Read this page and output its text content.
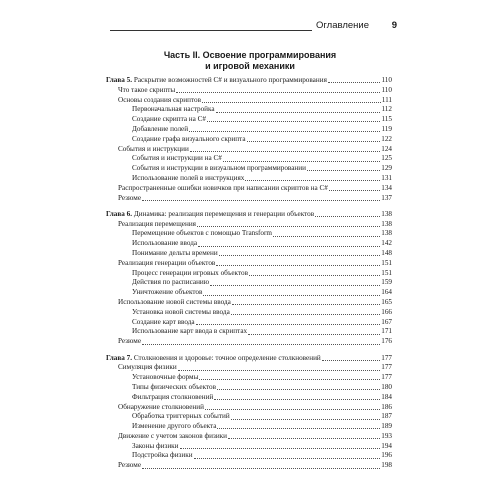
Оглавление 9
Часть II. Освоение программирования
и игровой механики
Глава 5. Раскрытие возможностей C# и визуального программирования	110
Что такое скрипты	110
Основы создания скриптов	111
Первоначальная настройка	112
Создание скрипта на C#	115
Добавление полей	119
Создание графа визуального скрипта	122
События и инструкции	124
События и инструкции на C#	125
События и инструкции в визуальном программировании	129
Использование полей в инструкциях	131
Распространенные ошибки новичков при написании скриптов на C#	134
Резюме	137
Глава 6. Динамика: реализация перемещения и генерации объектов	138
Реализация перемещения	138
Перемещение объектов с помощью Transform	138
Использование ввода	142
Понимание дельты времени	148
Реализация генерации объектов	151
Процесс генерации игровых объектов	151
Действия по расписанию	159
Уничтожение объектов	164
Использование новой системы ввода	165
Установка новой системы ввода	166
Создание карт ввода	167
Использование карт ввода в скриптах	171
Резюме	176
Глава 7. Столкновения и здоровье: точное определение столкновений	177
Симуляция физики	177
Установочные формы	177
Типы физических объектов	180
Фильтрация столкновений	184
Обнаружение столкновений	186
Обработка триггерных событий	187
Изменение другого объекта	189
Движение с учетом законов физики	193
Законы физики	194
Подстройка физики	196
Резюме	198
